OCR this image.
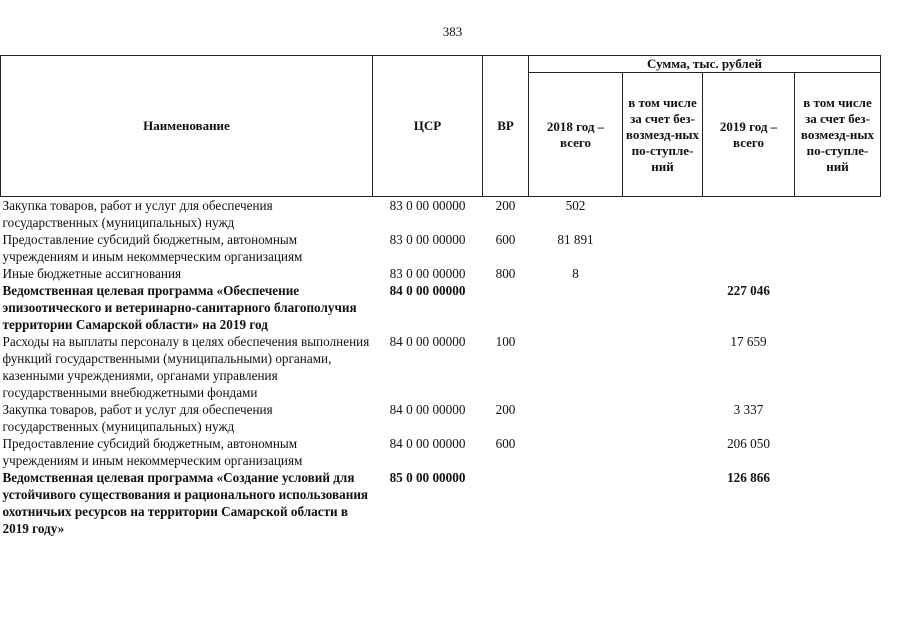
383
Наименование	ЦСР	ВР	Сумма, тыс. рублей			
			2018 год – всего	в том числе за счет без-возмезд-ных по-ступле-ний	2019 год – всего	в том числе за счет без-возмезд-ных по-ступле-ний
Закупка товаров, работ и услуг для обеспечения государственных (муниципальных) нужд	83 0 00 00000	200	502			
Предоставление субсидий бюджетным, автономным учреждениям и иным некоммерческим организациям	83 0 00 00000	600	81 891			
Иные бюджетные ассигнования	83 0 00 00000	800	8			
Ведомственная целевая программа «Обеспечение эпизоотического и ветеринарно-санитарного благополучия территории Самарской области» на 2019 год	84 0 00 00000				227 046	
Расходы на выплаты персоналу в целях обеспечения выполнения функций государственными (муниципальными) органами, казенными учреждениями, органами управления государственными внебюджетными фондами	84 0 00 00000	100			17 659	
Закупка товаров, работ и услуг для обеспечения государственных (муниципальных) нужд	84 0 00 00000	200			3 337	
Предоставление субсидий бюджетным, автономным учреждениям и иным некоммерческим организациям	84 0 00 00000	600			206 050	
Ведомственная целевая программа «Создание условий для устойчивого существования и рационального использования охотничьих ресурсов на территории Самарской области в 2019 году»	85 0 00 00000				126 866	
